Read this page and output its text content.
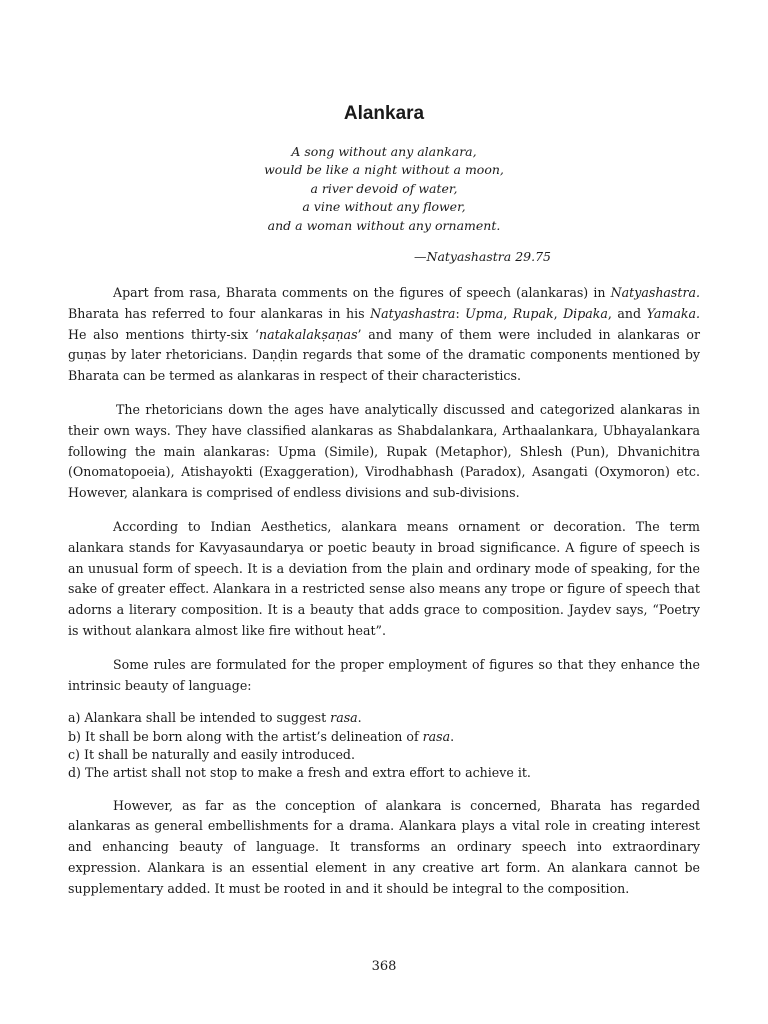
Alankara
A song without any alankara,
would be like a night without a moon,
a river devoid of water,
a vine without any flower,
and a woman without any ornament.
—Natyashastra 29.75

Apart from rasa, Bharata comments on the figures of speech (alankaras) in Natyashastra. Bharata has referred to four alankaras in his Natyashastra: Upma, Rupak, Dipaka, and Yamaka. He also mentions thirty-six ‘natakalakṣaṇas’ and many of them were included in alankaras or guṇas by later rhetoricians. Daṇḍin regards that some of the dramatic components mentioned by Bharata can be termed as alankaras in respect of their characteristics.

The rhetoricians down the ages have analytically discussed and categorized alankaras in their own ways. They have classified alankaras as Shabdalankara, Arthaalankara, Ubhayalankara following the main alankaras: Upma (Simile), Rupak (Metaphor), Shlesh (Pun), Dhvanichitra (Onomatopoeia), Atishayokti (Exaggeration), Virodhabhash (Paradox), Asangati (Oxymoron) etc. However, alankara is comprised of endless divisions and sub-divisions.

According to Indian Aesthetics, alankara means ornament or decoration. The term alankara stands for Kavyasaundarya or poetic beauty in broad significance. A figure of speech is an unusual form of speech. It is a deviation from the plain and ordinary mode of speaking, for the sake of greater effect. Alankara in a restricted sense also means any trope or figure of speech that adorns a literary composition. It is a beauty that adds grace to composition. Jaydev says, “Poetry is without alankara almost like fire without heat”.

Some rules are formulated for the proper employment of figures so that they enhance the intrinsic beauty of language:

a) Alankara shall be intended to suggest rasa.
b) It shall be born along with the artist’s delineation of rasa.
c) It shall be naturally and easily introduced.
d) The artist shall not stop to make a fresh and extra effort to achieve it.

However, as far as the conception of alankara is concerned, Bharata has regarded alankaras as general embellishments for a drama. Alankara plays a vital role in creating interest and enhancing beauty of language. It transforms an ordinary speech into extraordinary expression. Alankara is an essential element in any creative art form. An alankara cannot be supplementary added. It must be rooted in and it should be integral to the composition.

368
